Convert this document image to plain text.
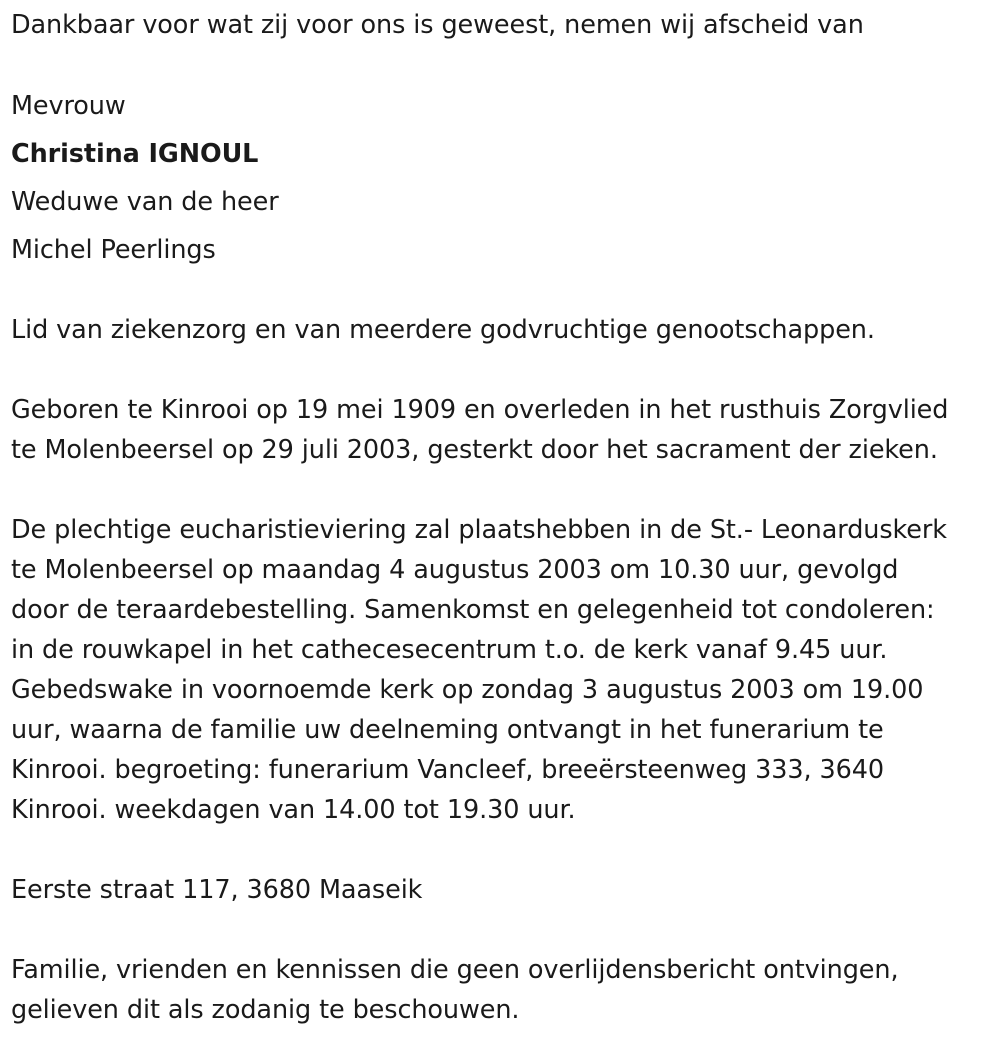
Dankbaar voor wat zij voor ons is geweest, nemen wij afscheid van
Mevrouw
Christina IGNOUL
Weduwe van de heer
Michel Peerlings
Lid van ziekenzorg en van meerdere godvruchtige genootschappen.
Geboren te Kinrooi op 19 mei 1909 en overleden in het rusthuis Zorgvlied
te Molenbeersel op 29 juli 2003, gesterkt door het sacrament der zieken.
De plechtige eucharistieviering zal plaatshebben in de St.- Leonarduskerk
te Molenbeersel op maandag 4 augustus 2003 om 10.30 uur, gevolgd
door de teraardebestelling. Samenkomst en gelegenheid tot condoleren:
in de rouwkapel in het cathecesecentrum t.o. de kerk vanaf 9.45 uur.
Gebedswake in voornoemde kerk op zondag 3 augustus 2003 om 19.00
uur, waarna de familie uw deelneming ontvangt in het funerarium te
Kinrooi. begroeting: funerarium Vancleef, breeërsteenweg 333, 3640
Kinrooi. weekdagen van 14.00 tot 19.30 uur.
Eerste straat 117, 3680 Maaseik
Familie, vrienden en kennissen die geen overlijdensbericht ontvingen,
gelieven dit als zodanig te beschouwen.
